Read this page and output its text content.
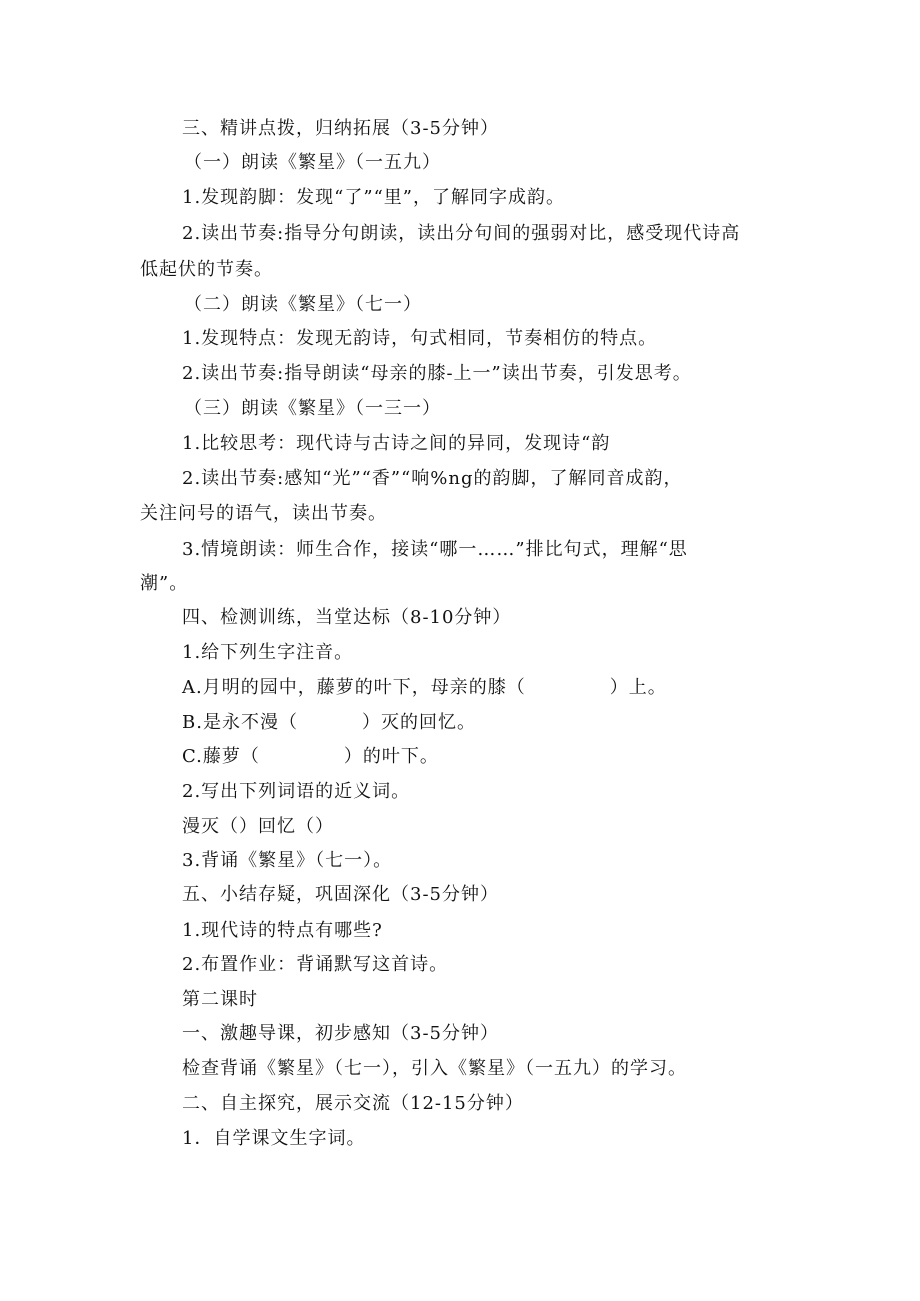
三、精讲点拨，归纳拓展（3-5分钟）
（一）朗读《繁星》（一五九）
1.发现韵脚：发现“了”“里”，了解同字成韵。
2.读出节奏:指导分句朗读，读出分句间的强弱对比，感受现代诗高
低起伏的节奏。
（二）朗读《繁星》（七一）
1.发现特点：发现无韵诗，句式相同，节奏相仿的特点。
2.读出节奏:指导朗读“母亲的膝-上一”读出节奏，引发思考。
（三）朗读《繁星》（一三一）
1.比较思考：现代诗与古诗之间的异同，发现诗“韵
2.读出节奏:感知“光”“香”“响%ng的韵脚，了解同音成韵，
关注问号的语气，读出节奏。
3.情境朗读：师生合作，接读“哪一……”排比句式，理解“思
潮”。
四、检测训练，当堂达标（8-10分钟）
1.给下列生字注音。
A.月明的园中，藤萝的叶下，母亲的膝（	）上。
B.是永不漫（	）灭的回忆。
C.藤萝（	）的叶下。
2.写出下列词语的近义词。
漫灭（）回忆（）
3.背诵《繁星》（七一）。
五、小结存疑，巩固深化（3-5分钟）
1.现代诗的特点有哪些?
2.布置作业：背诵默写这首诗。
第二课时
一、激趣导课，初步感知（3-5分钟）
检查背诵《繁星》（七一），引入《繁星》（一五九）的学习。
二、自主探究，展示交流（12-15分钟）
1．自学课文生字词。
